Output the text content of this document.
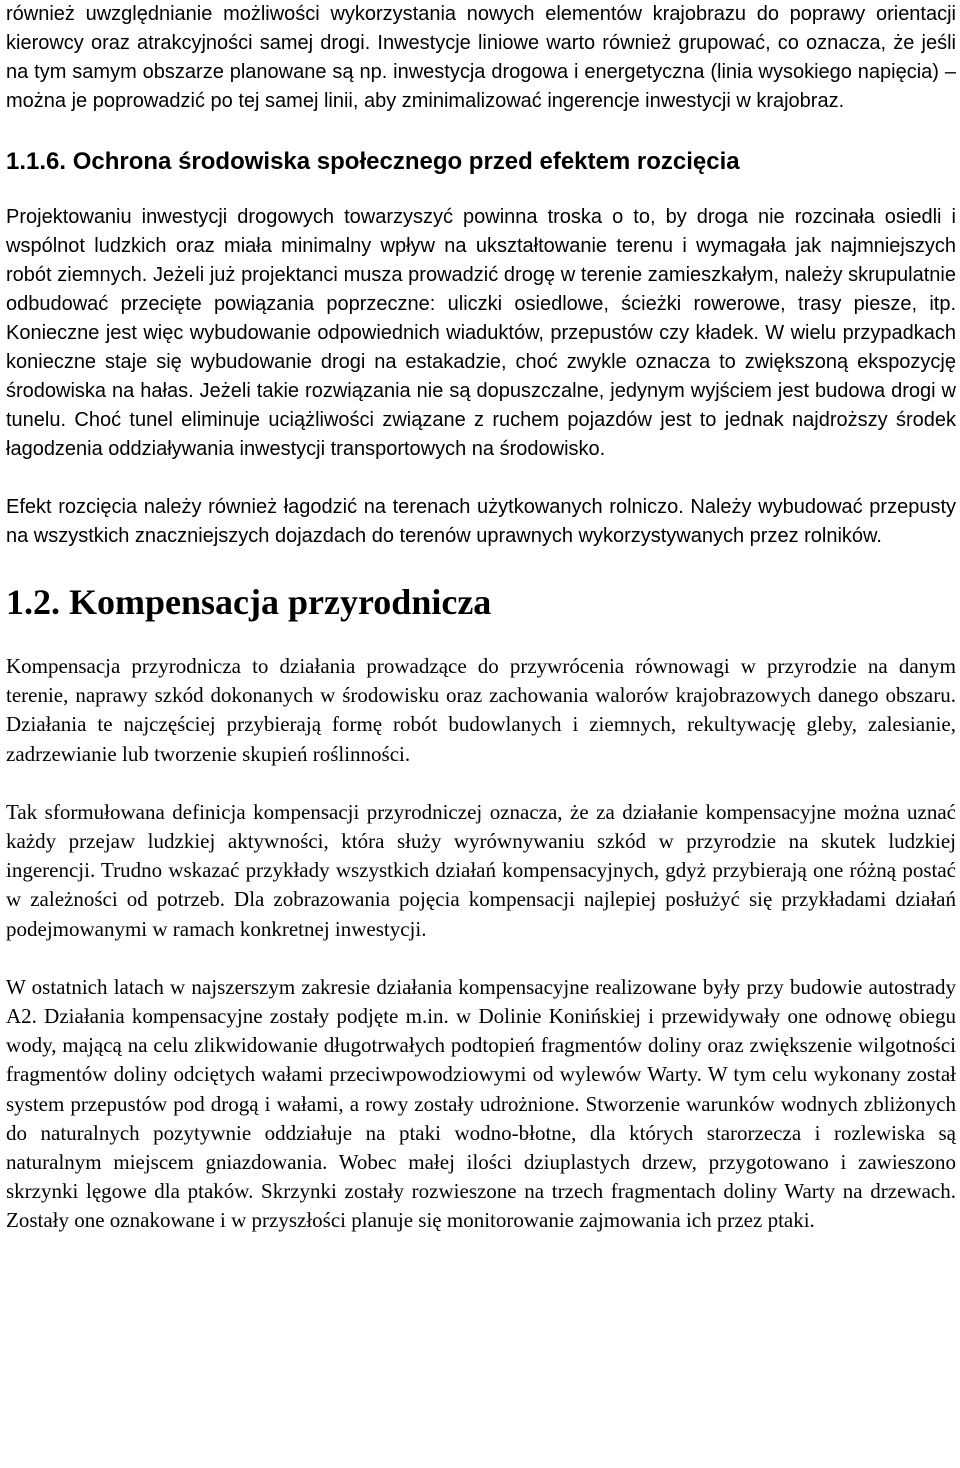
również uwzględnianie możliwości wykorzystania nowych elementów krajobrazu do poprawy orientacji kierowcy oraz atrakcyjności samej drogi. Inwestycje liniowe warto również grupować, co oznacza, że jeśli na tym samym obszarze planowane są np. inwestycja drogowa i energetyczna (linia wysokiego napięcia) – można je poprowadzić po tej samej linii, aby zminimalizować ingerencje inwestycji w krajobraz.

1.1.6. Ochrona środowiska społecznego przed efektem rozcięcia

Projektowaniu inwestycji drogowych towarzyszyć powinna troska o to, by droga nie rozcinała osiedli i wspólnot ludzkich oraz miała minimalny wpływ na ukształtowanie terenu i wymagała jak najmniejszych robót ziemnych. Jeżeli już projektanci musza prowadzić drogę w terenie zamieszkałym, należy skrupulatnie odbudować przecięte powiązania poprzeczne: uliczki osiedlowe, ścieżki rowerowe, trasy piesze, itp. Konieczne jest więc wybudowanie odpowiednich wiaduktów, przepustów czy kładek. W wielu przypadkach konieczne staje się wybudowanie drogi na estakadzie, choć zwykle oznacza to zwiększoną ekspozycję środowiska na hałas. Jeżeli takie rozwiązania nie są dopuszczalne, jedynym wyjściem jest budowa drogi w tunelu. Choć tunel eliminuje uciążliwości związane z ruchem pojazdów jest to jednak najdroższy środek łagodzenia oddziaływania inwestycji transportowych na środowisko.

Efekt rozcięcia należy również łagodzić na terenach użytkowanych rolniczo. Należy wybudować przepusty na wszystkich znaczniejszych dojazdach do terenów uprawnych wykorzystywanych przez rolników.

1.2. Kompensacja przyrodnicza

Kompensacja przyrodnicza to działania prowadzące do przywrócenia równowagi w przyrodzie na danym terenie, naprawy szkód dokonanych w środowisku oraz zachowania walorów krajobrazowych danego obszaru. Działania te najczęściej przybierają formę robót budowlanych i ziemnych, rekultywację gleby, zalesianie, zadrzewianie lub tworzenie skupień roślinności.

Tak sformułowana definicja kompensacji przyrodniczej oznacza, że za działanie kompensacyjne można uznać każdy przejaw ludzkiej aktywności, która służy wyrównywaniu szkód w przyrodzie na skutek ludzkiej ingerencji. Trudno wskazać przykłady wszystkich działań kompensacyjnych, gdyż przybierają one różną postać w zależności od potrzeb. Dla zobrazowania pojęcia kompensacji najlepiej posłużyć się przykładami działań podejmowanymi w ramach konkretnej inwestycji.

W ostatnich latach w najszerszym zakresie działania kompensacyjne realizowane były przy budowie autostrady A2. Działania kompensacyjne zostały podjęte m.in. w Dolinie Konińskiej i przewidywały one odnowę obiegu wody, mającą na celu zlikwidowanie długotrwałych podtopień fragmentów doliny oraz zwiększenie wilgotności fragmentów doliny odciętych wałami przeciwpowodziowymi od wylewów Warty. W tym celu wykonany został system przepustów pod drogą i wałami, a rowy zostały udrożnione. Stworzenie warunków wodnych zbliżonych do naturalnych pozytywnie oddziałuje na ptaki wodno-błotne, dla których starorzecza i rozlewiska są naturalnym miejscem gniazdowania. Wobec małej ilości dziuplastych drzew, przygotowano i zawieszono skrzynki lęgowe dla ptaków. Skrzynki zostały rozwieszone na trzech fragmentach doliny Warty na drzewach. Zostały one oznakowane i w przyszłości planuje się monitorowanie zajmowania ich przez ptaki.
